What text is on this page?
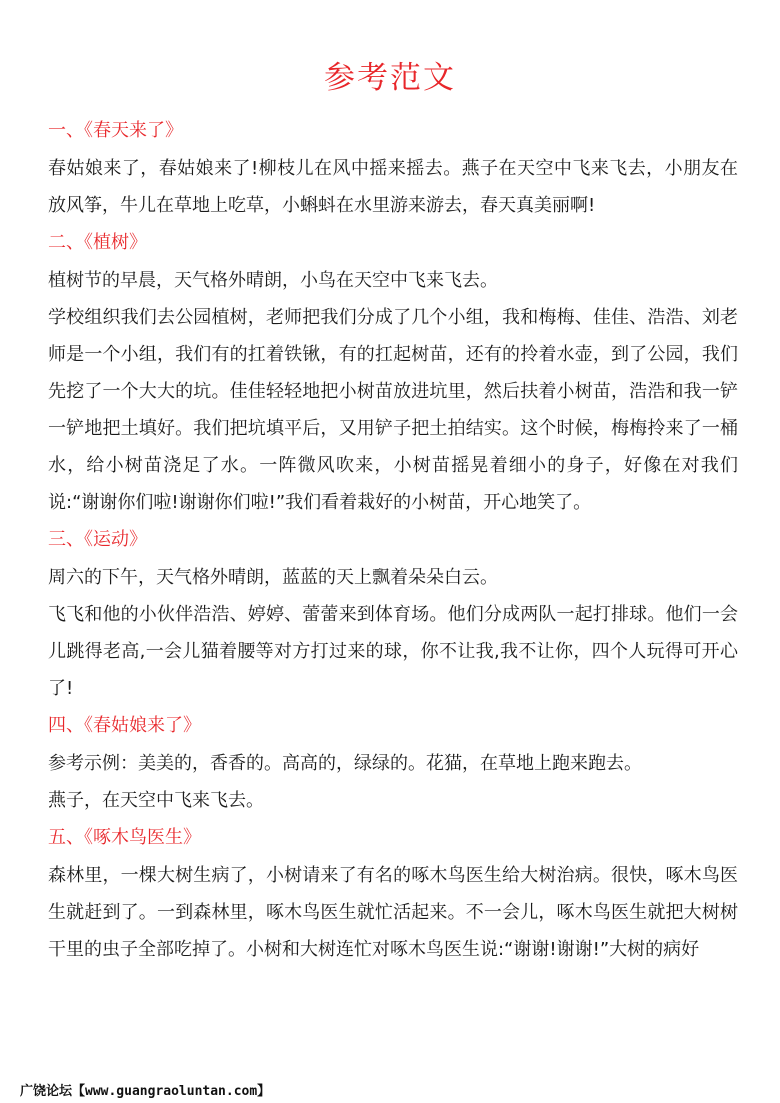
参考范文
一、《春天来了》

春姑娘来了，春姑娘来了!柳枝儿在风中摇来摇去。燕子在天空中飞来飞去，小朋友在放风筝，牛儿在草地上吃草，小蝌蚪在水里游来游去，春天真美丽啊!

二、《植树》

植树节的早晨，天气格外晴朗，小鸟在天空中飞来飞去。

学校组织我们去公园植树，老师把我们分成了几个小组，我和梅梅、佳佳、浩浩、刘老师是一个小组，我们有的扛着铁锹，有的扛起树苗，还有的拎着水壶，到了公园，我们先挖了一个大大的坑。佳佳轻轻地把小树苗放进坑里，然后扶着小树苗，浩浩和我一铲一铲地把土填好。我们把坑填平后，又用铲子把土拍结实。这个时候，梅梅拎来了一桶水，给小树苗浇足了水。一阵微风吹来，小树苗摇晃着细小的身子，好像在对我们说:“谢谢你们啦!谢谢你们啦!”我们看着栽好的小树苗，开心地笑了。

三、《运动》

周六的下午，天气格外晴朗，蓝蓝的天上飘着朵朵白云。

飞飞和他的小伙伴浩浩、婷婷、蕾蕾来到体育场。他们分成两队一起打排球。他们一会儿跳得老高,一会儿猫着腰等对方打过来的球，你不让我,我不让你，四个人玩得可开心了!

四、《春姑娘来了》

参考示例：美美的，香香的。高高的，绿绿的。花猫，在草地上跑来跑去。

燕子，在天空中飞来飞去。

五、《啄木鸟医生》

森林里，一棵大树生病了，小树请来了有名的啄木鸟医生给大树治病。很快，啄木鸟医生就赶到了。一到森林里，啄木鸟医生就忙活起来。不一会儿，啄木鸟医生就把大树树干里的虫子全部吃掉了。小树和大树连忙对啄木鸟医生说:“谢谢!谢谢!”大树的病好

广饶论坛【www.guangraoluntan.com】
